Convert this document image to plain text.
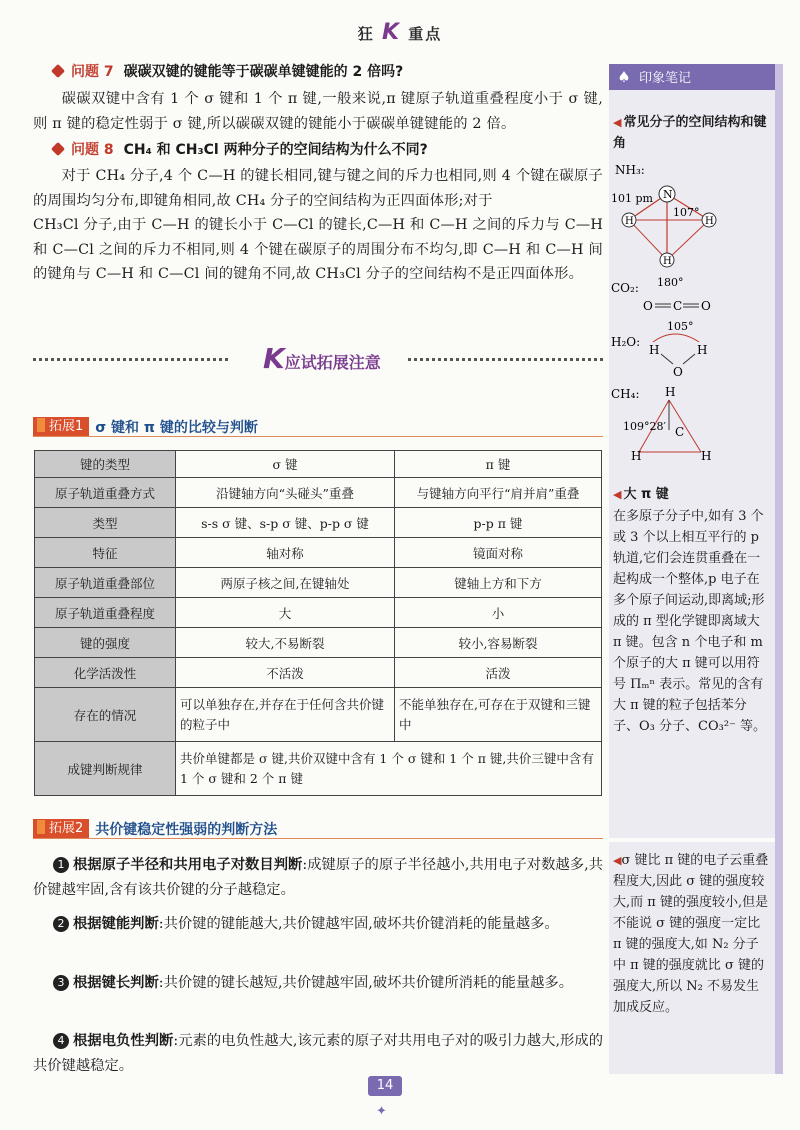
狂 K 重点
问题 7 碳碳双键的键能等于碳碳单键键能的 2 倍吗?
碳碳双键中含有 1 个 σ 键和 1 个 π 键,一般来说,π 键原子轨道重叠程度小于 σ 键,则 π 键的稳定性弱于 σ 键,所以碳碳双键的键能小于碳碳单键键能的 2 倍。
问题 8 CH₄ 和 CH₃Cl 两种分子的空间结构为什么不同?
对于 CH₄ 分子,4 个 C—H 的键长相同,键与键之间的斥力也相同,则 4 个键在碳原子的周围均匀分布,即键角相同,故 CH₄ 分子的空间结构为正四面体形;对于
CH₃Cl 分子,由于 C—H 的键长小于 C—Cl 的键长,C—H 和 C—H 之间的斥力与 C—H 和 C—Cl 之间的斥力不相同,则 4 个键在碳原子的周围分布不均匀,即 C—H 和 C—H 间的键角与 C—H 和 C—Cl 间的键角不同,故 CH₃Cl 分子的空间结构不是正四面体形。
K应试拓展注意
拓展1 σ 键和 π 键的比较与判断
键的类型	σ 键	π 键
原子轨道重叠方式	沿键轴方向“头碰头”重叠	与键轴方向平行“肩并肩”重叠
类型	s-s σ 键、s-p σ 键、p-p σ 键	p-p π 键
特征	轴对称	镜面对称
原子轨道重叠部位	两原子核之间,在键轴处	键轴上方和下方
原子轨道重叠程度	大	小
键的强度	较大,不易断裂	较小,容易断裂
化学活泼性	不活泼	活泼
存在的情况	可以单独存在,并存在于任何含共价键的粒子中	不能单独存在,可存在于双键和三键中
成键判断规律	共价单键都是 σ 键,共价双键中含有 1 个 σ 键和 1 个 π 键,共价三键中含有 1 个 σ 键和 2 个 π 键	
拓展2 共价键稳定性强弱的判断方法
1 根据原子半径和共用电子对数目判断:成键原子的原子半径越小,共用电子对数越多,共价键越牢固,含有该共价键的分子越稳定。
2 根据键能判断:共价键的键能越大,共价键越牢固,破坏共价键消耗的能量越多。
3 根据键长判断:共价键的键长越短,共价键越牢固,破坏共价键所消耗的能量越多。
4 根据电负性判断:元素的电负性越大,该元素的原子对共用电子对的吸引力越大,形成的共价键越稳定。
14
✦
♠ 印象笔记
◀ 常见分子的空间结构和键角
NH₃:
101 pm N
H	H
H
107°
CO₂: 180°
O C O
H₂O:
105°
H	H
O
CH₄: H
H	H
C
109°28′
◀ 大 π 键
在多原子分子中,如有 3 个或 3 个以上相互平行的 p 轨道,它们会连贯重叠在一起构成一个整体,p 电子在多个原子间运动,即离域;形成的 π 型化学键即离域大 π 键。包含 n 个电子和 m 个原子的大 π 键可以用符号 Πₘⁿ 表示。常见的含有大 π 键的粒子包括苯分子、O₃ 分子、CO₃²⁻ 等。
◀σ 键比 π 键的电子云重叠程度大,因此 σ 键的强度较大,而 π 键的强度较小,但是不能说 σ 键的强度一定比 π 键的强度大,如 N₂ 分子中 π 键的强度就比 σ 键的强度大,所以 N₂ 不易发生加成反应。
